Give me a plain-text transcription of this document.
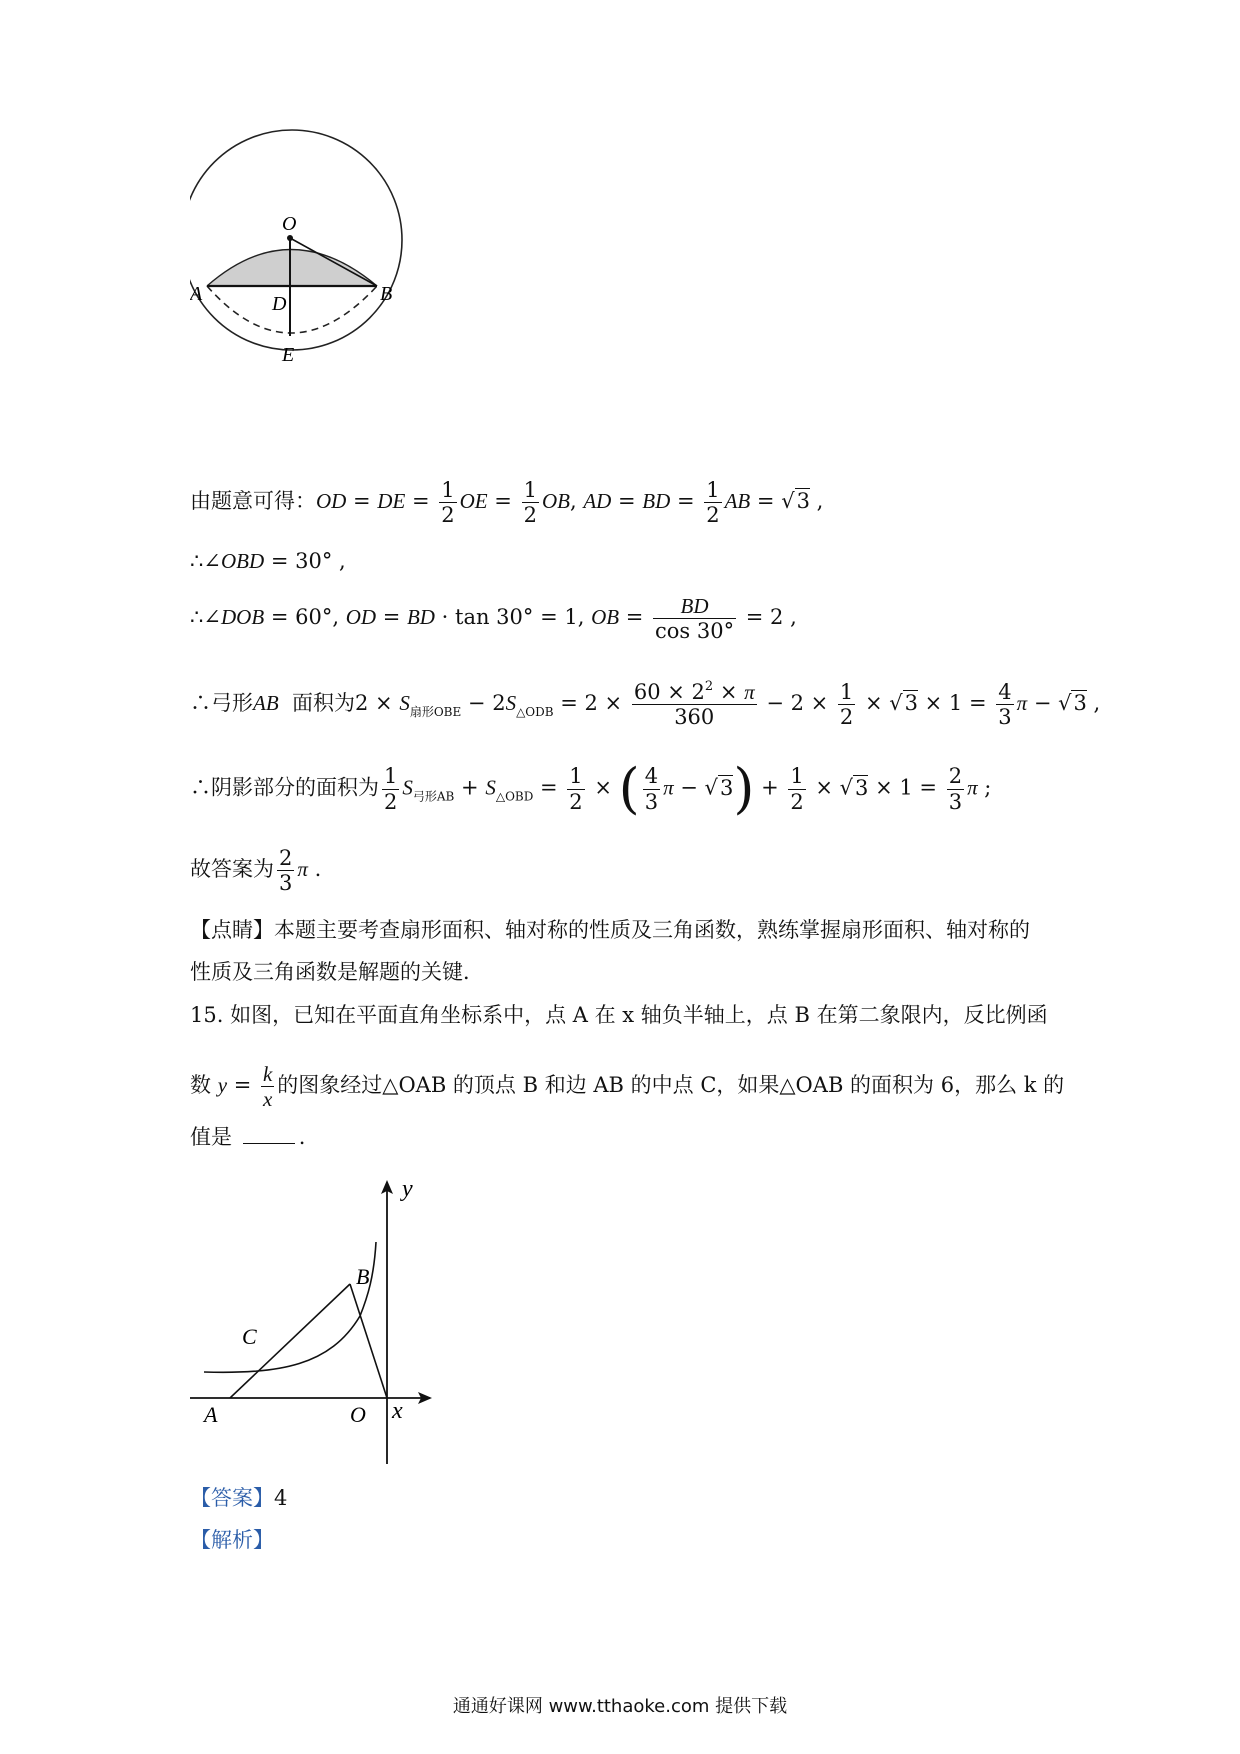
O
A	B
D
E
由题意可得：OD = DE = $\frac{1}{2}$ OE = $\frac{1}{2}$ OB, AD = BD = $\frac{1}{2}$ AB = √3 ,
∴∠OBD = 30° ,
∴∠DOB = 60°, OD = BD · tan 30° = 1, OB = $\frac{BD}{\cos 30^\circ} = 2$ ,
∴弓形AB 面积为$2 \times S_{扇形OBE} - 2S_{\triangle ODB} = 2 \times \frac{60 \times 2^2 \times \pi}{360} - 2 \times \frac{1}{2} \times √3 \times 1 = \frac{4}{3}$ π − √3 ,
∴阴影部分的面积为 $\frac{1}{2} S_{弓形AB} + S_{\triangle OBD} = \frac{1}{2}$ × ( $\frac{4}{3}$ $\pi - √3) + \frac{1}{2} \times √3 \times 1 = \frac{2}{3}$ π ;
故答案为 $\frac{2}{3}$ π .
【点睛】本题主要考查扇形面积、轴对称的性质及三角函数，熟练掌握扇形面积、轴对称的
性质及三角函数是解题的关键．
15. 如图，已知在平面直角坐标系中，点 A 在 x 轴负半轴上，点 B 在第二象限内，反比例函
数 $y = \frac{k}{x}$ 的图象经过△OAB 的顶点 B 和边 AB 的中点 C，如果△OAB 的面积为 6，那么 k 的
值是	.
y
x
B
C
A	O
【答案】4
【解析】
通通好课网 www.tthaoke.com 提供下载
